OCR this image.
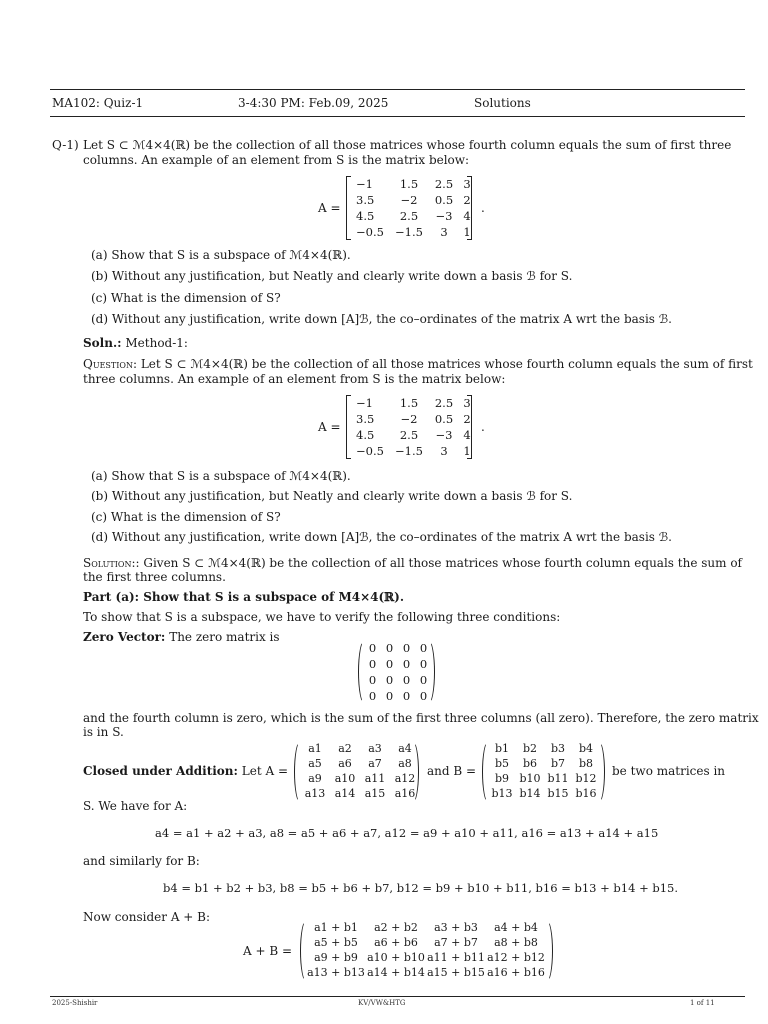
MA102: Quiz-1	3-4:30 PM: Feb.09, 2025	Solutions
Q-1) Let S ⊂ ℳ4×4(ℝ) be the collection of all those matrices whose fourth column equals the sum of first three
columns. An example of an element from S is the matrix below:
A =
−1	1.5	2.5 3
3.5	−2	0.5 2
4.5	2.5	−3 4
−0.5 −1.5	3	1
.
(a) Show that S is a subspace of ℳ4×4(ℝ).
(b) Without any justification, but Neatly and clearly write down a basis ℬ for S.
(c) What is the dimension of S?
(d) Without any justification, write down [A]ℬ, the co–ordinates of the matrix A wrt the basis ℬ.
Soln.: Method-1:
Question: Let S ⊂ ℳ4×4(ℝ) be the collection of all those matrices whose fourth column equals the sum of first
three columns. An example of an element from S is the matrix below:
A =
−1	1.5	2.5 3
3.5	−2	0.5 2
4.5	2.5	−3 4
−0.5 −1.5	3	1
.
(a) Show that S is a subspace of ℳ4×4(ℝ).
(b) Without any justification, but Neatly and clearly write down a basis ℬ for S.
(c) What is the dimension of S?
(d) Without any justification, write down [A]ℬ, the co–ordinates of the matrix A wrt the basis ℬ.
Solution:: Given S ⊂ ℳ4×4(ℝ) be the collection of all those matrices whose fourth column equals the sum of
the first three columns.
Part (a): Show that S is a subspace of M4×4(ℝ).
To show that S is a subspace, we have to verify the following three conditions:
Zero Vector: The zero matrix is
0 0 0 0
0 0 0 0
0 0 0 0
0 0 0 0
and the fourth column is zero, which is the sum of the first three columns (all zero). Therefore, the zero matrix
is in S.
Closed under Addition: Let A =
a1	a2	a3	a4
a5	a6	a7	a8
a9	a10 a11 a12
a13 a14 a15 a16
and B =
b1	b2	b3	b4
b5	b6	b7	b8
b9 b10 b11 b12
b13 b14 b15 b16
be two matrices in
S. We have for A:
a4 = a1 + a2 + a3, a8 = a5 + a6 + a7, a12 = a9 + a10 + a11, a16 = a13 + a14 + a15
and similarly for B:
b4 = b1 + b2 + b3, b8 = b5 + b6 + b7, b12 = b9 + b10 + b11, b16 = b13 + b14 + b15.
Now consider A + B:
A + B =
a1 + b1	a2 + b2	a3 + b3	a4 + b4
a5 + b5	a6 + b6	a7 + b7	a8 + b8
a9 + b9 a10 + b10 a11 + b11 a12 + b12
a13 + b13 a14 + b14 a15 + b15 a16 + b16
2025-Shishir	KV/VW&HTG	1 of 11
